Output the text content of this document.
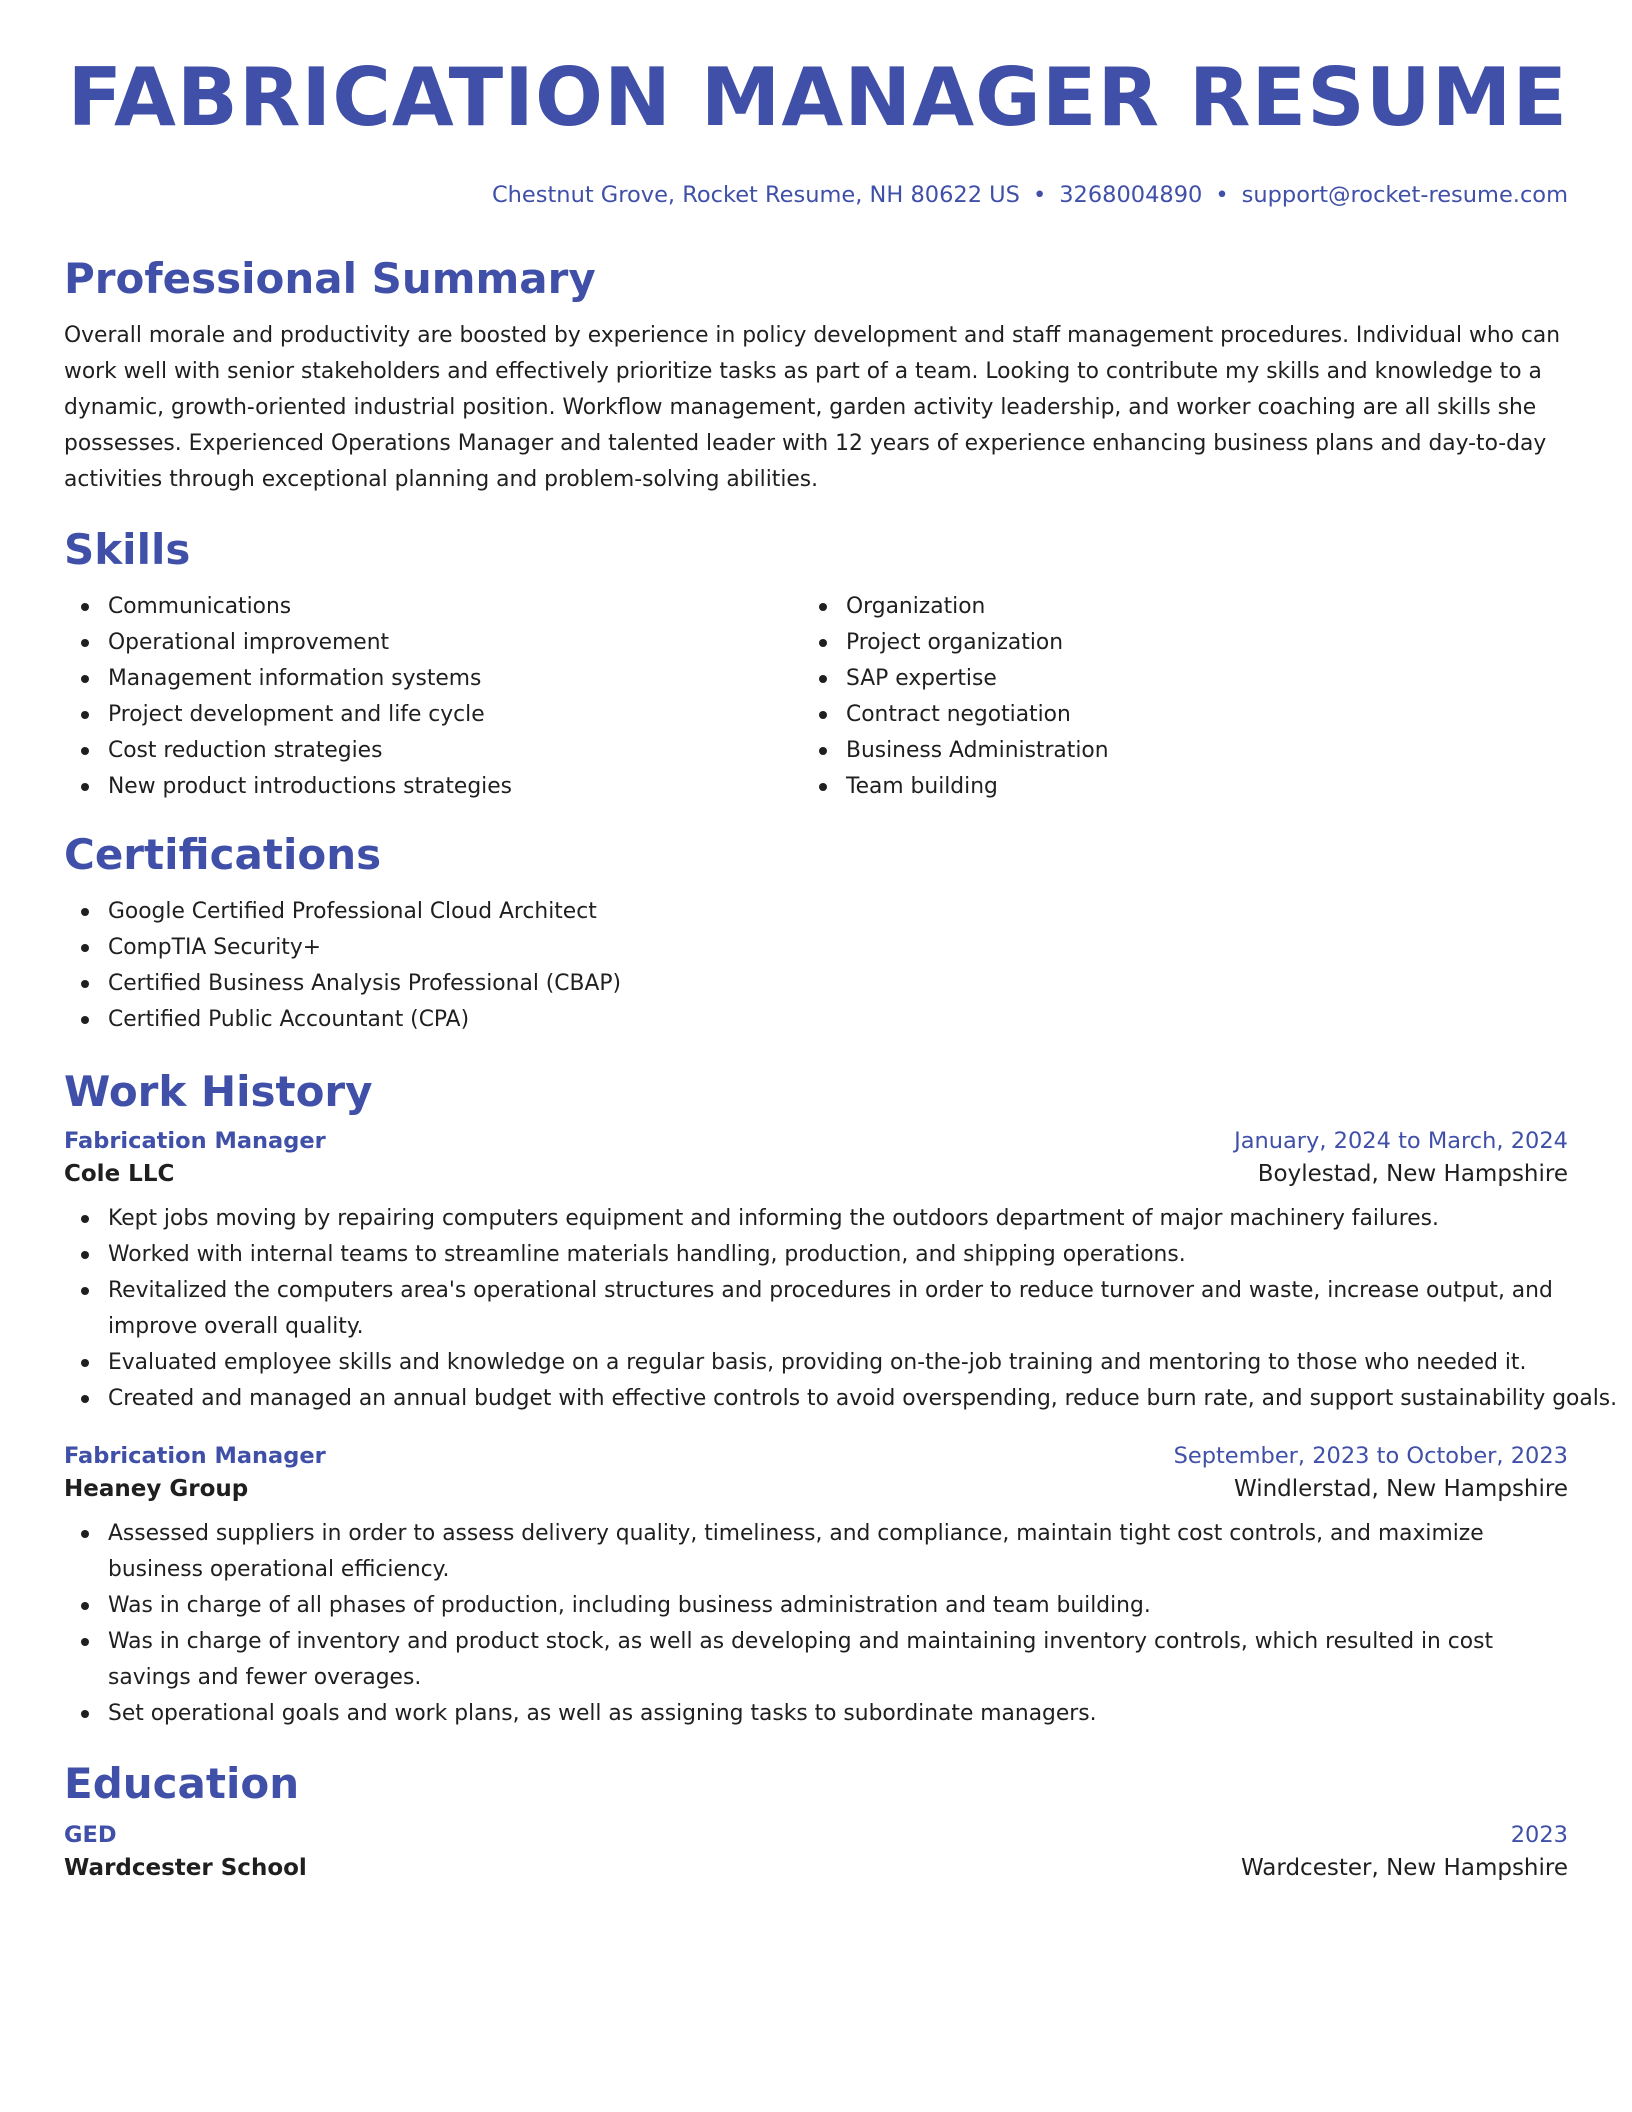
FABRICATION MANAGER RESUME
Chestnut Grove, Rocket Resume, NH 80622 US • 3268004890 • support@rocket-resume.com
Professional Summary

Overall morale and productivity are boosted by experience in policy development and staff management procedures. Individual who can work well with senior stakeholders and effectively prioritize tasks as part of a team. Looking to contribute my skills and knowledge to a dynamic, growth-oriented industrial position. Workflow management, garden activity leadership, and worker coaching are all skills she possesses. Experienced Operations Manager and talented leader with 12 years of experience enhancing business plans and day-to-day activities through exceptional planning and problem-solving abilities.

Skills
Communications
Operational improvement
Management information systems
Project development and life cycle
Cost reduction strategies
New product introductions strategies
Organization
Project organization
SAP expertise
Contract negotiation
Business Administration
Team building
Certifications
Google Certified Professional Cloud Architect
CompTIA Security+
Certified Business Analysis Professional (CBAP)
Certified Public Accountant (CPA)
Work History
Fabrication Manager	January, 2024 to March, 2024
Cole LLC	Boylestad, New Hampshire
Kept jobs moving by repairing computers equipment and informing the outdoors department of major machinery failures.
Worked with internal teams to streamline materials handling, production, and shipping operations.
Revitalized the computers area's operational structures and procedures in order to reduce turnover and waste, increase output, and improve overall quality.
Evaluated employee skills and knowledge on a regular basis, providing on-the-job training and mentoring to those who needed it.
Created and managed an annual budget with effective controls to avoid overspending, reduce burn rate, and support sustainability goals.
Fabrication Manager	September, 2023 to October, 2023
Heaney Group	Windlerstad, New Hampshire
Assessed suppliers in order to assess delivery quality, timeliness, and compliance, maintain tight cost controls, and maximize business operational efficiency.
Was in charge of all phases of production, including business administration and team building.
Was in charge of inventory and product stock, as well as developing and maintaining inventory controls, which resulted in cost savings and fewer overages.
Set operational goals and work plans, as well as assigning tasks to subordinate managers.
Education
GED	2023
Wardcester School	Wardcester, New Hampshire
